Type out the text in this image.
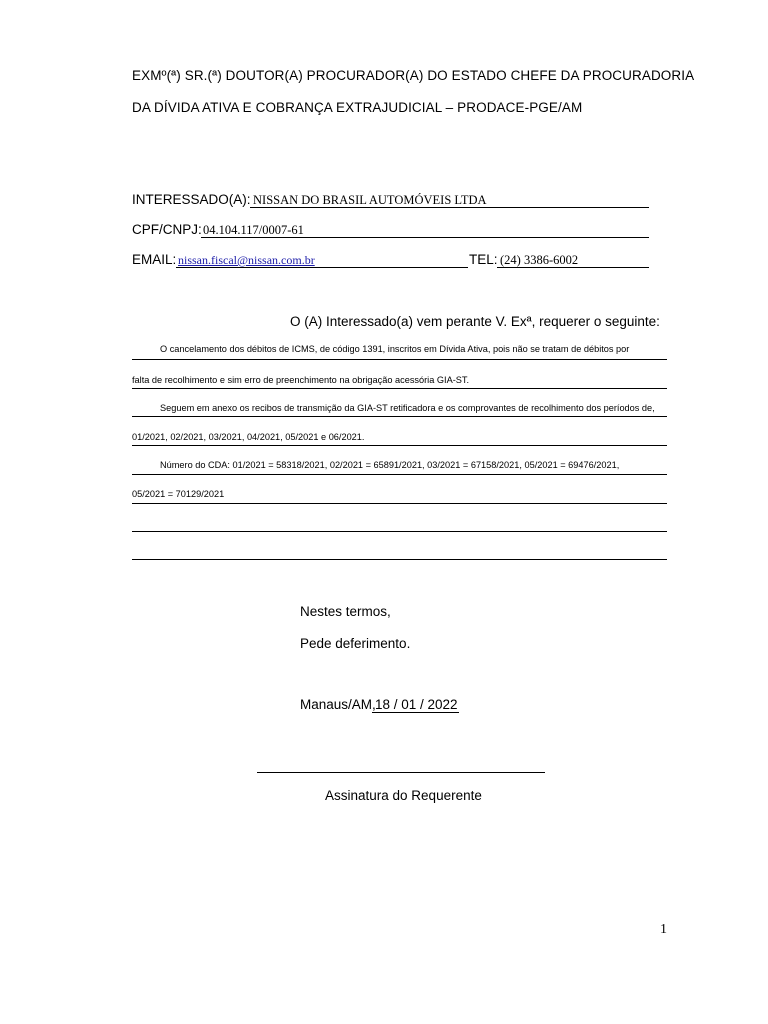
EXMº(ª) SR.(ª) DOUTOR(A) PROCURADOR(A) DO ESTADO CHEFE DA PROCURADORIA
DA DÍVIDA ATIVA E COBRANÇA EXTRAJUDICIAL – PRODACE-PGE/AM
INTERESSADO(A): NISSAN DO BRASIL AUTOMÓVEIS LTDA
CPF/CNPJ: 04.104.117/0007-61
EMAIL: nissan.fiscal@nissan.com.br	TEL: (24) 3386-6002
O (A) Interessado(a) vem perante V. Exª, requerer o seguinte:
O cancelamento dos débitos de ICMS, de código 1391, inscritos em Dívida Ativa, pois não se tratam de débitos por
falta de recolhimento e sim erro de preenchimento na obrigação acessória GIA-ST.
Seguem em anexo os recibos de transmição da GIA-ST retificadora e os comprovantes de recolhimento dos períodos de,
01/2021, 02/2021, 03/2021, 04/2021, 05/2021 e 06/2021.
Número do CDA: 01/2021 = 58318/2021, 02/2021 = 65891/2021, 03/2021 = 67158/2021, 05/2021 = 69476/2021,
05/2021 = 70129/2021
Nestes termos,
Pede deferimento.
Manaus/AM, 18 / 01 / 2022
Assinatura do Requerente
1
